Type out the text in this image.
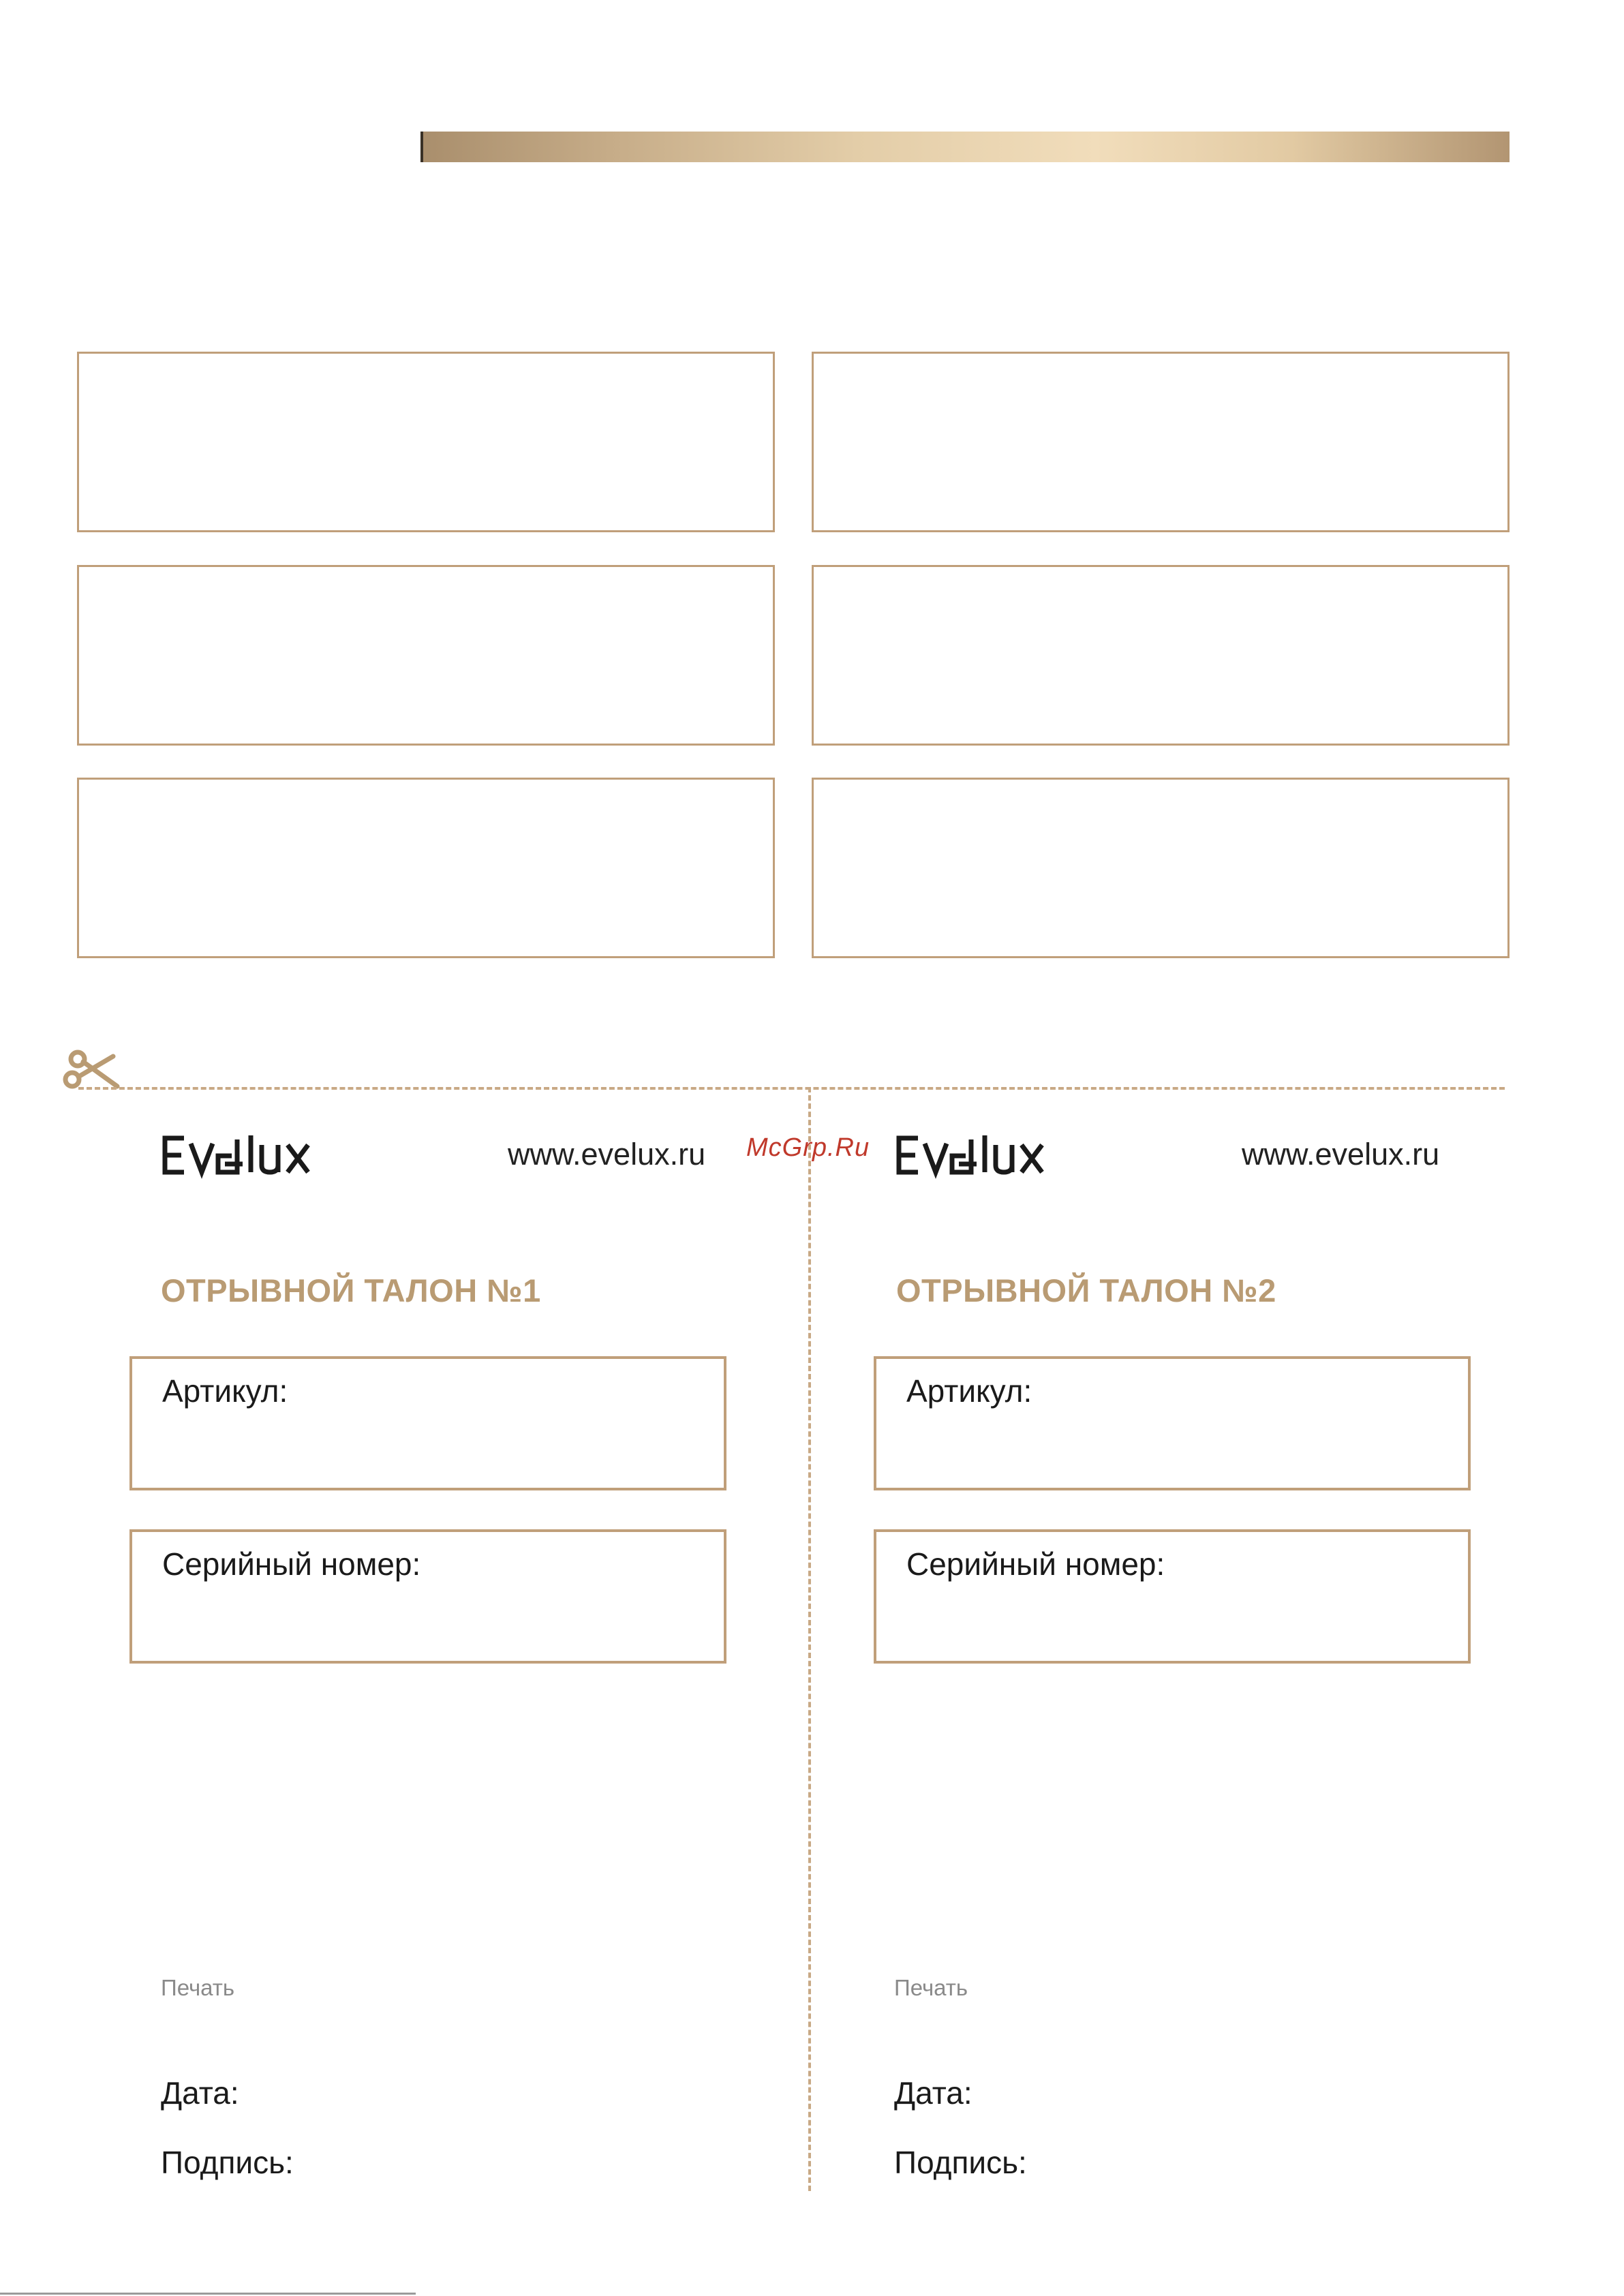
McGrp.Ru
www.evelux.ru
ОТРЫВНОЙ ТАЛОН №1
Артикул:
Серийный номер:
Печать
Дата:
Подпись:
www.evelux.ru
ОТРЫВНОЙ ТАЛОН №2
Артикул:
Серийный номер:
Печать
Дата:
Подпись:
